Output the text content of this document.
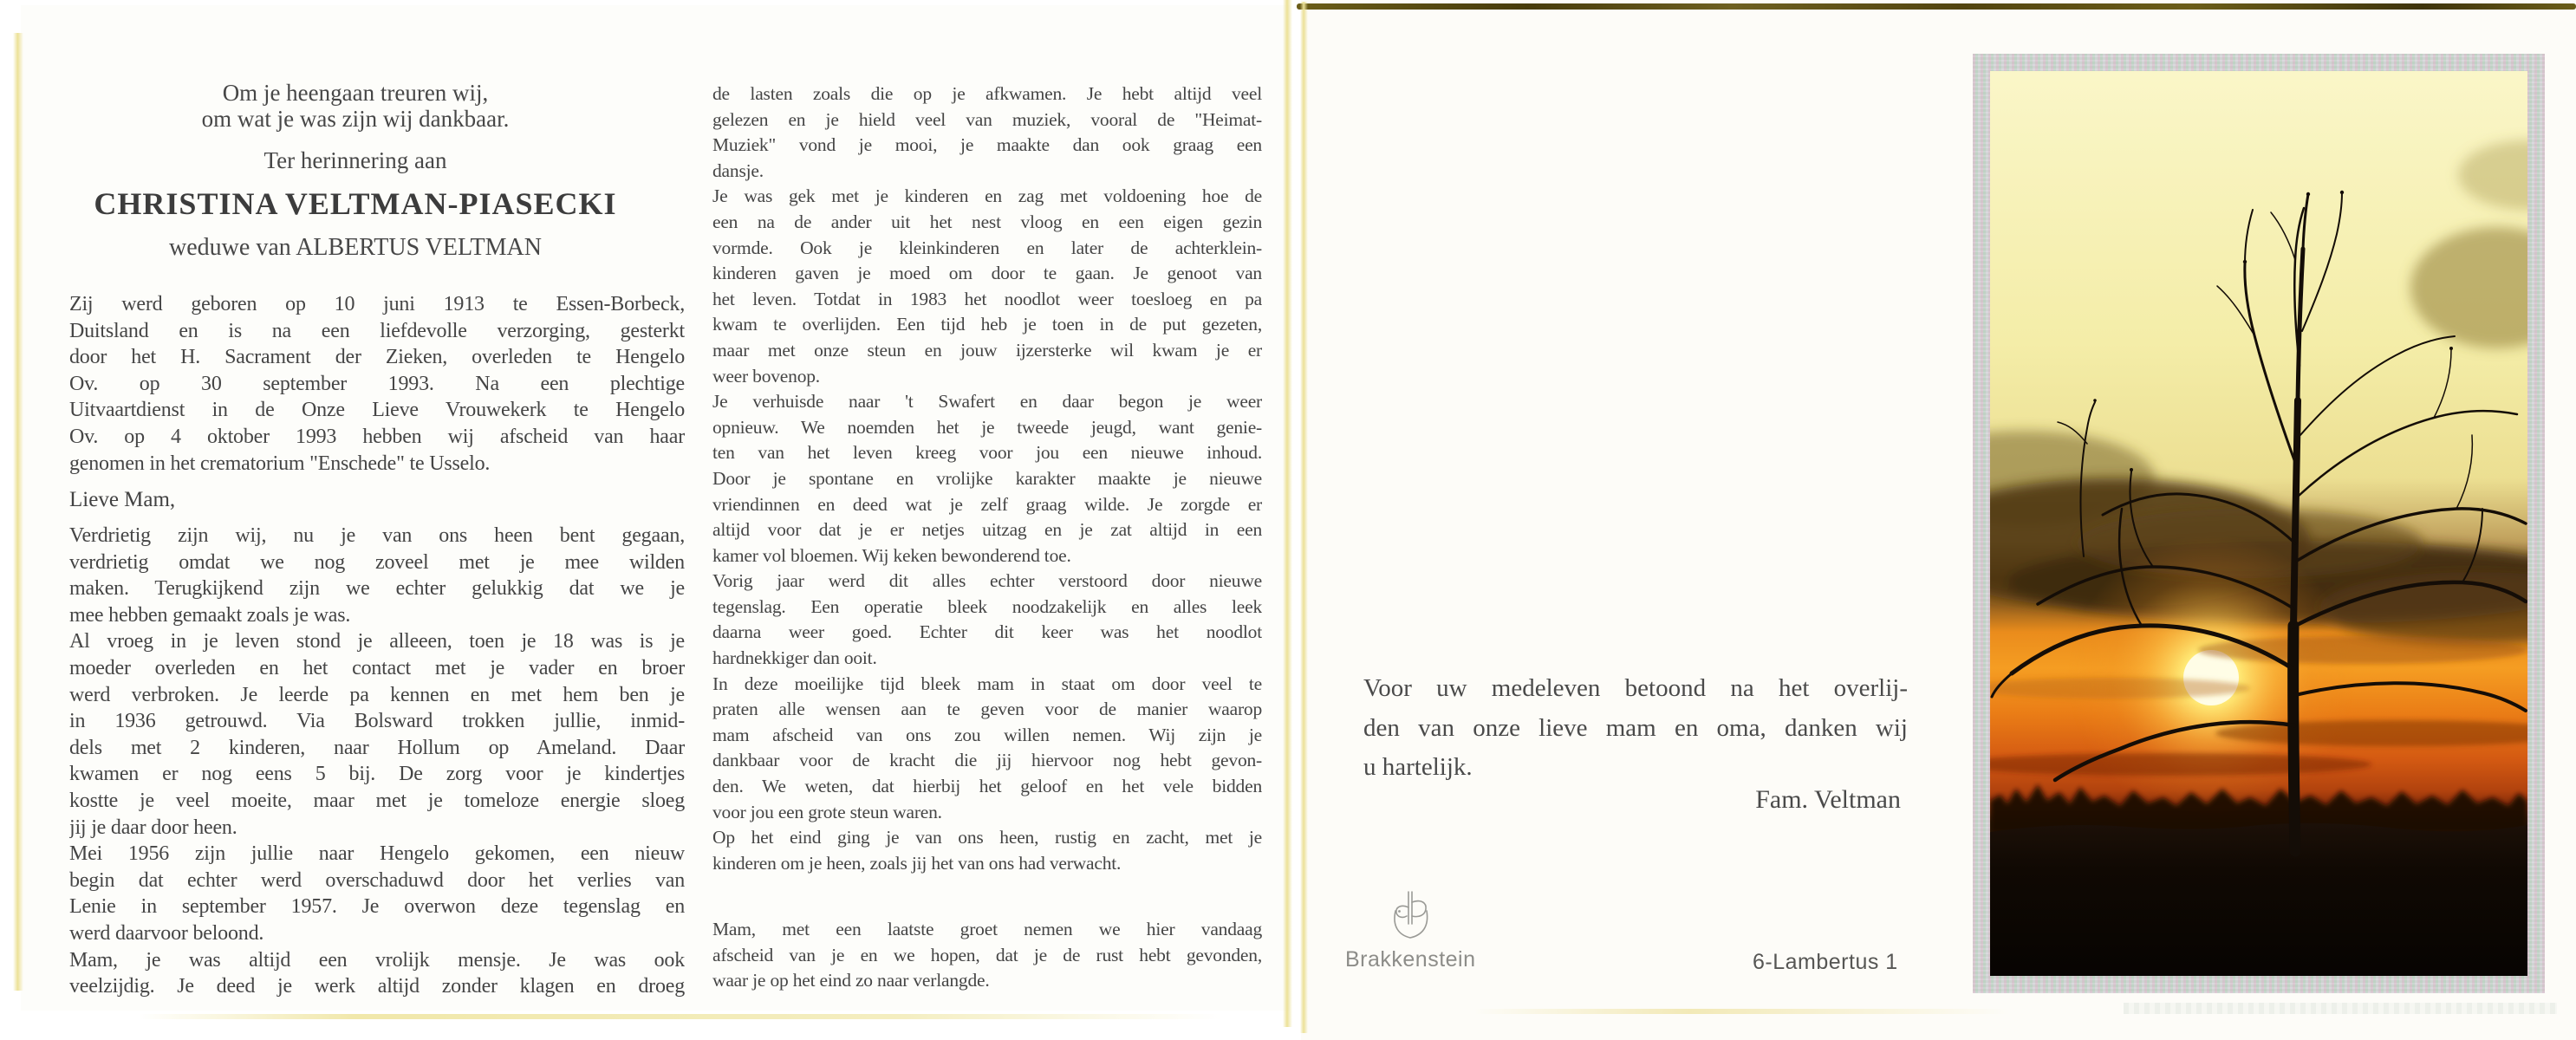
Om je heengaan treuren wij,
om wat je was zijn wij dankbaar.
Ter herinnering aan
CHRISTINA VELTMAN-PIASECKI
weduwe van ALBERTUS VELTMAN
Zij werd geboren op 10 juni 1913 te Essen-Borbeck,
Duitsland en is na een liefdevolle verzorging, gesterkt
door het H. Sacrament der Zieken, overleden te Hengelo
Ov. op 30 september 1993. Na een plechtige
Uitvaartdienst in de Onze Lieve Vrouwekerk te Hengelo
Ov. op 4 oktober 1993 hebben wij afscheid van haar
genomen in het crematorium "Enschede" te Usselo.
Lieve Mam,
Verdrietig zijn wij, nu je van ons heen bent gegaan,
verdrietig omdat we nog zoveel met je mee wilden
maken. Terugkijkend zijn we echter gelukkig dat we je
mee hebben gemaakt zoals je was.
Al vroeg in je leven stond je alleeen, toen je 18 was is je
moeder overleden en het contact met je vader en broer
werd verbroken. Je leerde pa kennen en met hem ben je
in 1936 getrouwd. Via Bolsward trokken jullie, inmid-
dels met 2 kinderen, naar Hollum op Ameland. Daar
kwamen er nog eens 5 bij. De zorg voor je kindertjes
kostte je veel moeite, maar met je tomeloze energie sloeg
jij je daar door heen.
Mei 1956 zijn jullie naar Hengelo gekomen, een nieuw
begin dat echter werd overschaduwd door het verlies van
Lenie in september 1957. Je overwon deze tegenslag en
werd daarvoor beloond.
Mam, je was altijd een vrolijk mensje. Je was ook
veelzijdig. Je deed je werk altijd zonder klagen en droeg
de lasten zoals die op je afkwamen. Je hebt altijd veel
gelezen en je hield veel van muziek, vooral de "Heimat-
Muziek" vond je mooi, je maakte dan ook graag een
dansje.
Je was gek met je kinderen en zag met voldoening hoe de
een na de ander uit het nest vloog en een eigen gezin
vormde. Ook je kleinkinderen en later de achterklein-
kinderen gaven je moed om door te gaan. Je genoot van
het leven. Totdat in 1983 het noodlot weer toesloeg en pa
kwam te overlijden. Een tijd heb je toen in de put gezeten,
maar met onze steun en jouw ijzersterke wil kwam je er
weer bovenop.
Je verhuisde naar 't Swafert en daar begon je weer
opnieuw. We noemden het je tweede jeugd, want genie-
ten van het leven kreeg voor jou een nieuwe inhoud.
Door je spontane en vrolijke karakter maakte je nieuwe
vriendinnen en deed wat je zelf graag wilde. Je zorgde er
altijd voor dat je er netjes uitzag en je zat altijd in een
kamer vol bloemen. Wij keken bewonderend toe.
Vorig jaar werd dit alles echter verstoord door nieuwe
tegenslag. Een operatie bleek noodzakelijk en alles leek
daarna weer goed. Echter dit keer was het noodlot
hardnekkiger dan ooit.
In deze moeilijke tijd bleek mam in staat om door veel te
praten alle wensen aan te geven voor de manier waarop
mam afscheid van ons zou willen nemen. Wij zijn je
dankbaar voor de kracht die jij hiervoor nog hebt gevon-
den. We weten, dat hierbij het geloof en het vele bidden
voor jou een grote steun waren.
Op het eind ging je van ons heen, rustig en zacht, met je
kinderen om je heen, zoals jij het van ons had verwacht.
Mam, met een laatste groet nemen we hier vandaag
afscheid van je en we hopen, dat je de rust hebt gevonden,
waar je op het eind zo naar verlangde.
Voor uw medeleven betoond na het overlij-
den van onze lieve mam en oma, danken wij
u hartelijk.
Fam. Veltman
Brakkenstein	6-Lambertus 1
